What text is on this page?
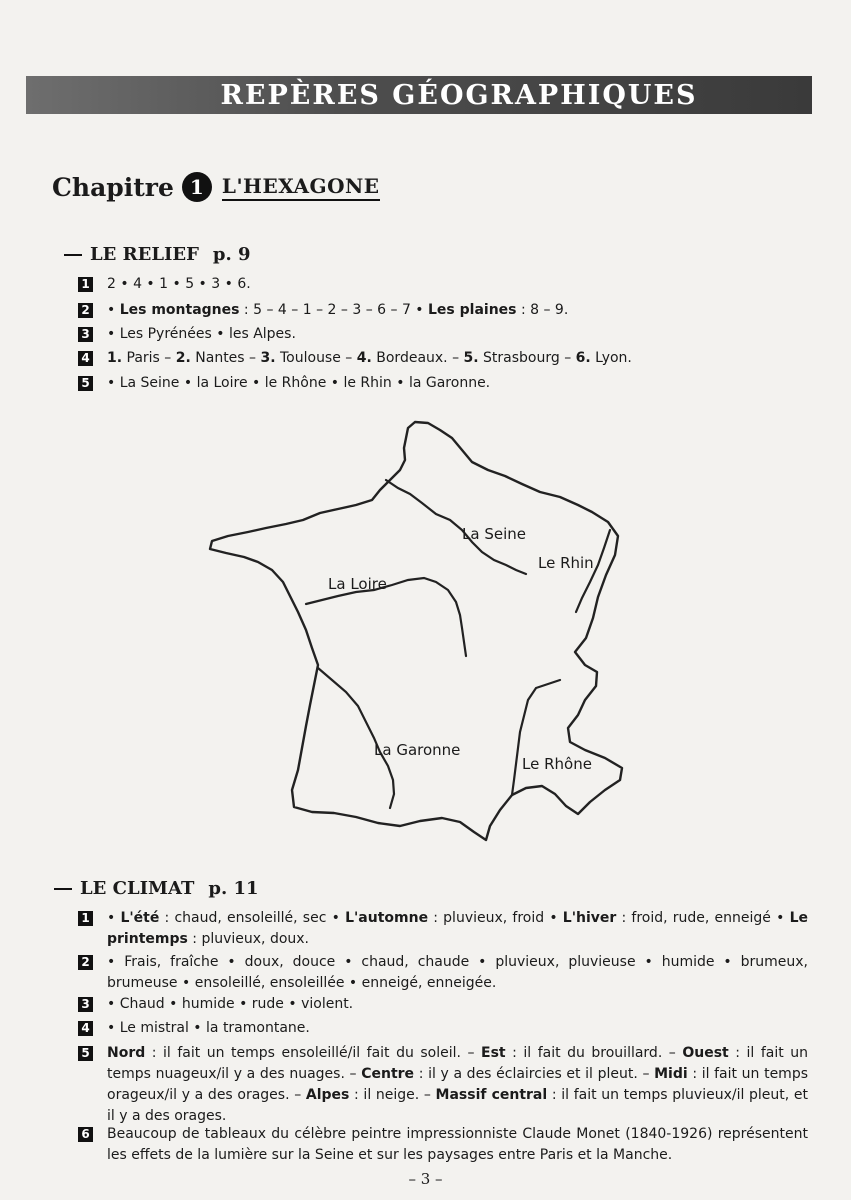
REPÈRES GÉOGRAPHIQUES
Chapitre 1 L'HEXAGONE
LE RELIEF p. 9
1 2 • 4 • 1 • 5 • 3 • 6.
2 • Les montagnes : 5 – 4 – 1 – 2 – 3 – 6 – 7 • Les plaines : 8 – 9.
3 • Les Pyrénées • les Alpes.
4 1. Paris – 2. Nantes – 3. Toulouse – 4. Bordeaux. – 5. Strasbourg – 6. Lyon.
5 • La Seine • la Loire • le Rhône • le Rhin • la Garonne.
La Seine
Le Rhin
La Loire
La Garonne
Le Rhône
LE CLIMAT p. 11
1 • L'été : chaud, ensoleillé, sec • L'automne : pluvieux, froid • L'hiver : froid, rude, enneigé • Le printemps : pluvieux, doux.
2 • Frais, fraîche • doux, douce • chaud, chaude • pluvieux, pluvieuse • humide • brumeux, brumeuse • ensoleillé, ensoleillée • enneigé, enneigée.
3 • Chaud • humide • rude • violent.
4 • Le mistral • la tramontane.
5 Nord : il fait un temps ensoleillé/il fait du soleil. – Est : il fait du brouillard. – Ouest : il fait un temps nuageux/il y a des nuages. – Centre : il y a des éclaircies et il pleut. – Midi : il fait un temps orageux/il y a des orages. – Alpes : il neige. – Massif central : il fait un temps pluvieux/il pleut, et il y a des orages.
6 Beaucoup de tableaux du célèbre peintre impressionniste Claude Monet (1840-1926) représentent les effets de la lumière sur la Seine et sur les paysages entre Paris et la Manche.
– 3 –
